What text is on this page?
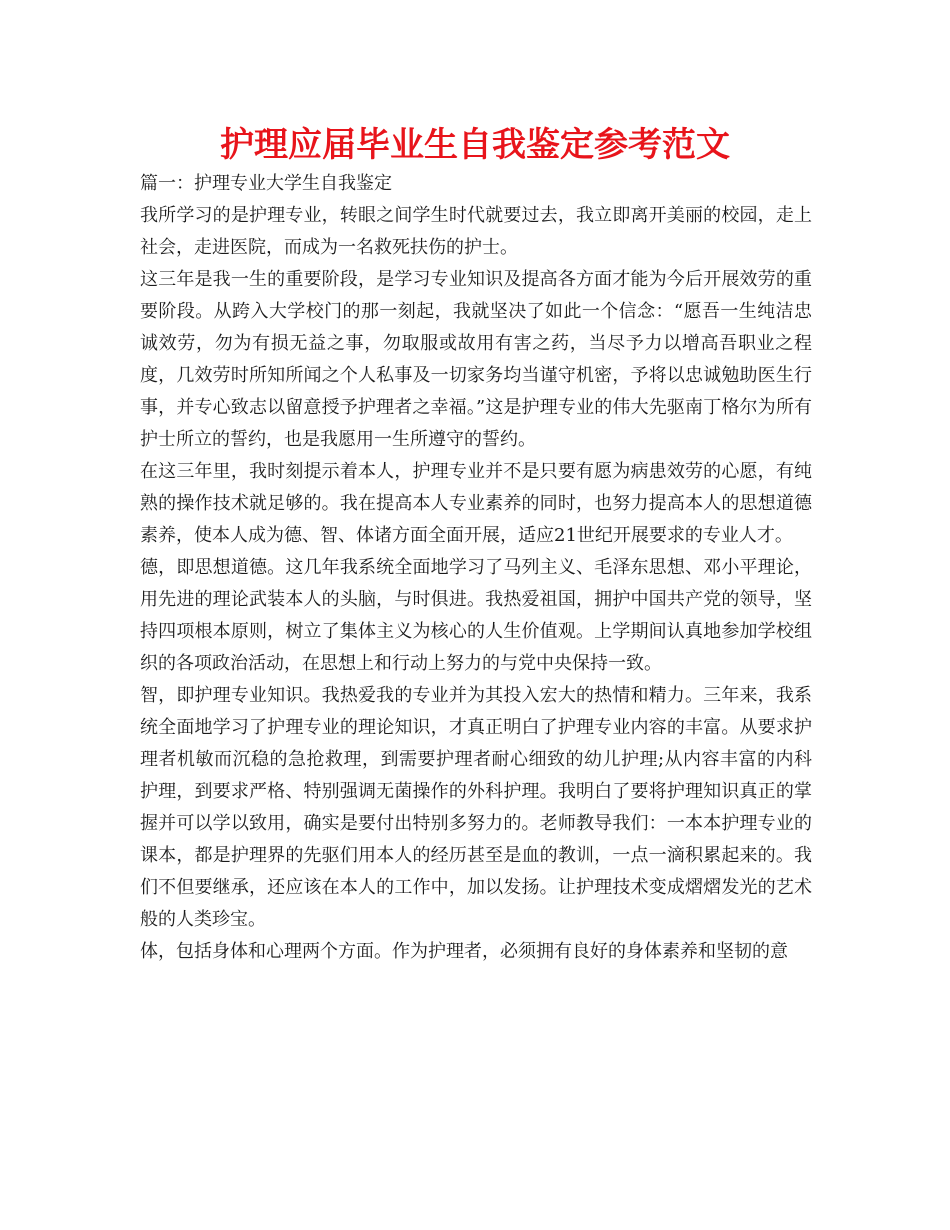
护理应届毕业生自我鉴定参考范文

篇一：护理专业大学生自我鉴定

我所学习的是护理专业，转眼之间学生时代就要过去，我立即离开美丽的校园，走上社会，走进医院，而成为一名救死扶伤的护士。

这三年是我一生的重要阶段，是学习专业知识及提高各方面才能为今后开展效劳的重要阶段。从跨入大学校门的那一刻起，我就坚决了如此一个信念：“愿吾一生纯洁忠诚效劳，勿为有损无益之事，勿取服或故用有害之药，当尽予力以增高吾职业之程度，几效劳时所知所闻之个人私事及一切家务均当谨守机密，予将以忠诚勉助医生行事，并专心致志以留意授予护理者之幸福。”这是护理专业的伟大先驱南丁格尔为所有护士所立的誓约，也是我愿用一生所遵守的誓约。

在这三年里，我时刻提示着本人，护理专业并不是只要有愿为病患效劳的心愿，有纯熟的操作技术就足够的。我在提高本人专业素养的同时，也努力提高本人的思想道德素养，使本人成为德、智、体诸方面全面开展，适应21世纪开展要求的专业人才。

德，即思想道德。这几年我系统全面地学习了马列主义、毛泽东思想、邓小平理论，用先进的理论武装本人的头脑，与时俱进。我热爱祖国，拥护中国共产党的领导，坚持四项根本原则，树立了集体主义为核心的人生价值观。上学期间认真地参加学校组织的各项政治活动，在思想上和行动上努力的与党中央保持一致。

智，即护理专业知识。我热爱我的专业并为其投入宏大的热情和精力。三年来，我系统全面地学习了护理专业的理论知识，才真正明白了护理专业内容的丰富。从要求护理者机敏而沉稳的急抢救理，到需要护理者耐心细致的幼儿护理;从内容丰富的内科护理，到要求严格、特别强调无菌操作的外科护理。我明白了要将护理知识真正的掌握并可以学以致用，确实是要付出特别多努力的。老师教导我们：一本本护理专业的课本，都是护理界的先驱们用本人的经历甚至是血的教训，一点一滴积累起来的。我们不但要继承，还应该在本人的工作中，加以发扬。让护理技术变成熠熠发光的艺术般的人类珍宝。

体，包括身体和心理两个方面。作为护理者，必须拥有良好的身体素养和坚韧的意
